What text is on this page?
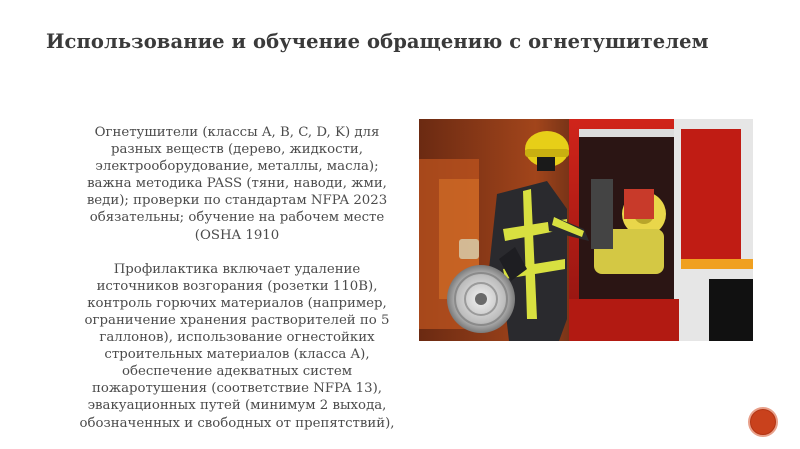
Использование и обучение обращению с огнетушителем

Огнетушители (классы A, B, C, D, K) для
разных веществ (дерево, жидкости,
электрооборудование, металлы, масла);
важна методика PASS (тяни, наводи, жми,
веди); проверки по стандартам NFPA 2023
обязательны; обучение на рабочем месте
(OSHA 1910

Профилактика включает удаление
источников возгорания (розетки 110В),
контроль горючих материалов (например,
ограничение хранения растворителей по 5
галлонов), использование огнестойких
строительных материалов (класса A),
обеспечение адекватных систем
пожаротушения (соответствие NFPA 13),
эвакуационных путей (минимум 2 выхода,
обозначенных и свободных от препятствий),
